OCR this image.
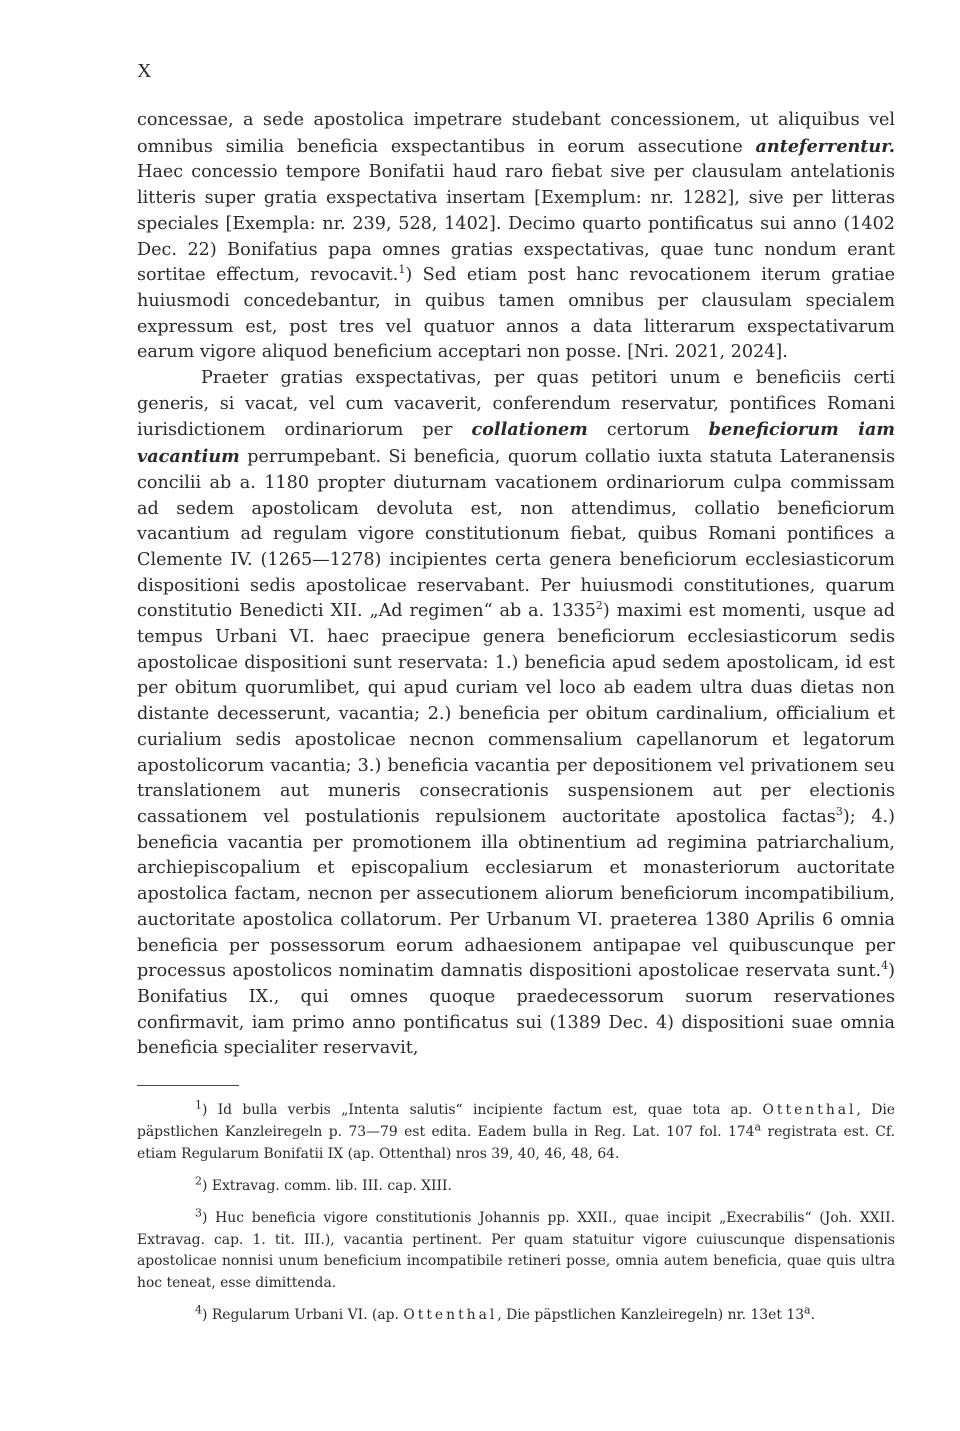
X

concessae, a sede apostolica impetrare studebant concessionem, ut aliquibus vel omnibus similia beneficia exspectantibus in eorum assecutione anteferrentur. Haec concessio tempore Bonifatii haud raro fiebat sive per clausulam antelationis litteris super gratia exspectativa insertam [Exemplum: nr. 1282], sive per litteras speciales [Exempla: nr. 239, 528, 1402]. Decimo quarto pontificatus sui anno (1402 Dec. 22) Bonifatius papa omnes gratias exspectativas, quae tunc nondum erant sortitae effectum, revocavit.$^1$) Sed etiam post hanc revocationem iterum gratiae huiusmodi concedebantur, in quibus tamen omnibus per clausulam specialem expressum est, post tres vel quatuor annos a data litterarum exspectativarum earum vigore aliquod beneficium acceptari non posse. [Nri. 2021, 2024].

Praeter gratias exspectativas, per quas petitori unum e beneficiis certi generis, si vacat, vel cum vacaverit, conferendum reservatur, pontifices Romani iurisdictionem ordinariorum per collationem certorum beneficiorum iam vacantium perrumpebant. Si beneficia, quorum collatio iuxta statuta Lateranensis concilii ab a. 1180 propter diuturnam vacationem ordinariorum culpa commissam ad sedem apostolicam devoluta est, non attendimus, collatio beneficiorum vacantium ad regulam vigore constitutionum fiebat, quibus Romani pontifices a Clemente IV. (1265—1278) incipientes certa genera beneficiorum ecclesiasticorum dispositioni sedis apostolicae reservabant. Per huiusmodi constitutiones, quarum constitutio Benedicti XII. „Ad regimen“ ab a. 1335$^2$) maximi est momenti, usque ad tempus Urbani VI. haec praecipue genera beneficiorum ecclesiasticorum sedis apostolicae dispositioni sunt reservata: 1.) beneficia apud sedem apostolicam, id est per obitum quorumlibet, qui apud curiam vel loco ab eadem ultra duas dietas non distante decesserunt, vacantia; 2.) beneficia per obitum cardinalium, officialium et curialium sedis apostolicae necnon commensalium capellanorum et legatorum apostolicorum vacantia; 3.) beneficia vacantia per depositionem vel privationem seu translationem aut muneris consecrationis suspensionem aut per electionis cassationem vel postulationis repulsionem auctoritate apostolica factas$^3$); 4.) beneficia vacantia per promotionem illa obtinentium ad regimina patriarchalium, archiepiscopalium et episcopalium ecclesiarum et monasteriorum auctoritate apostolica factam, necnon per assecutionem aliorum beneficiorum incompatibilium, auctoritate apostolica collatorum. Per Urbanum VI. praeterea 1380 Aprilis 6 omnia beneficia per possessorum eorum adhaesionem antipapae vel quibuscunque per processus apostolicos nominatim damnatis dispositioni apostolicae reservata sunt.$^4$) Bonifatius IX., qui omnes quoque praedecessorum suorum reservationes confirmavit, iam primo anno pontificatus sui (1389 Dec. 4) dispositioni suae omnia beneficia specialiter reservavit,

$^1$) Id bulla verbis „Intenta salutis“ incipiente factum est, quae tota ap. Ottenthal, Die päpstlichen Kanzleiregeln p. 73—79 est edita. Eadem bulla in Reg. Lat. 107 fol. 174$^a$ registrata est. Cf. etiam Regularum Bonifatii IX (ap. Ottenthal) nros 39, 40, 46, 48, 64.

$^2$) Extravag. comm. lib. III. cap. XIII.

$^3$) Huc beneficia vigore constitutionis Johannis pp. XXII., quae incipit „Execrabilis“ (Joh. XXII. Extravag. cap. 1. tit. III.), vacantia pertinent. Per quam statuitur vigore cuiuscunque dispensationis apostolicae nonnisi unum beneficium incompatibile retineri posse, omnia autem beneficia, quae quis ultra hoc teneat, esse dimittenda.

$^4$) Regularum Urbani VI. (ap. Ottenthal, Die päpstlichen Kanzleiregeln) nr. 13et 13$^a$.
